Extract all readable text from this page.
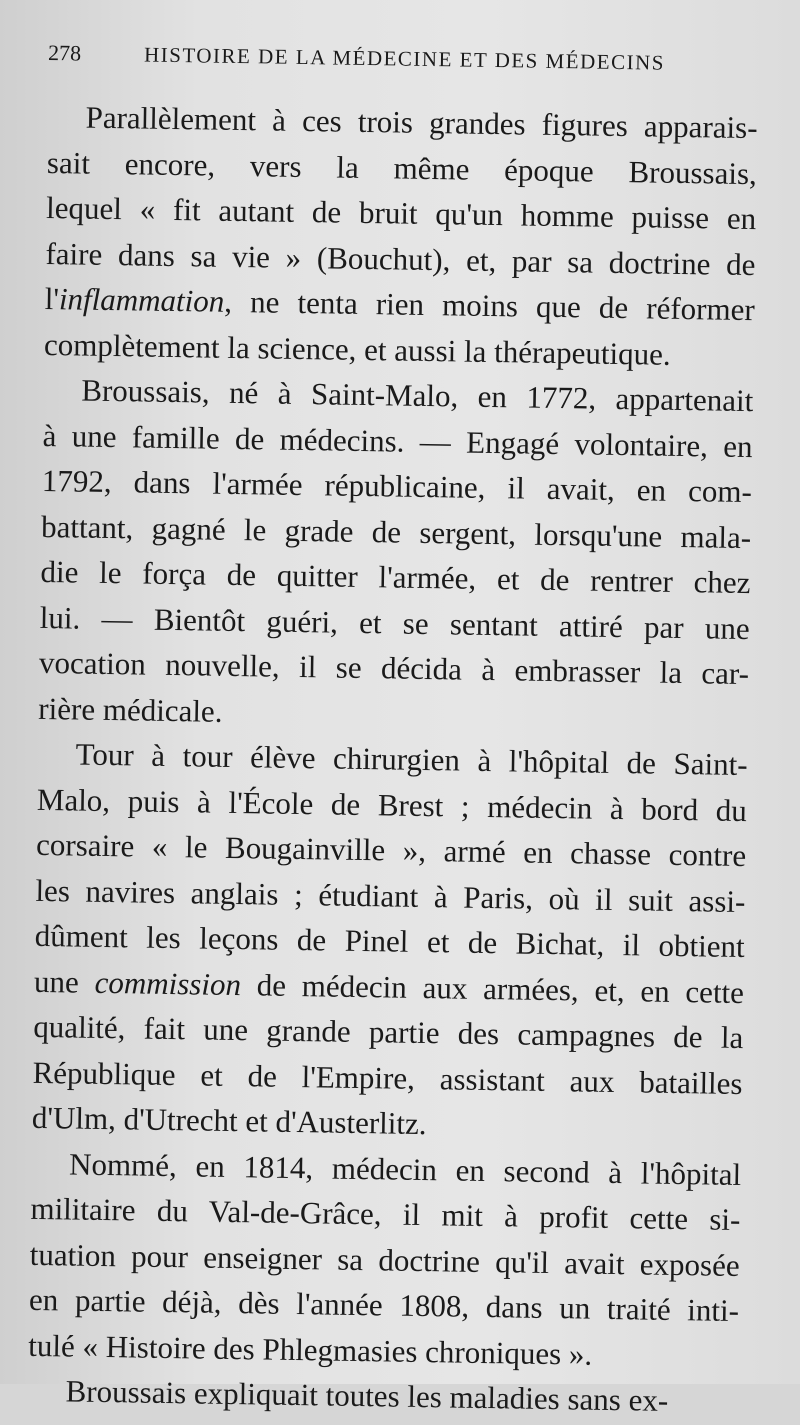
278	HISTOIRE DE LA MÉDECINE ET DES MÉDECINS

Parallèlement à ces trois grandes figures apparais-
sait encore, vers la même époque Broussais,
lequel « fit autant de bruit qu'un homme puisse en
faire dans sa vie » (Bouchut), et, par sa doctrine de
l'inflammation, ne tenta rien moins que de réformer
complètement la science, et aussi la thérapeutique.

Broussais, né à Saint-Malo, en 1772, appartenait
à une famille de médecins. — Engagé volontaire, en
1792, dans l'armée républicaine, il avait, en com-
battant, gagné le grade de sergent, lorsqu'une mala-
die le força de quitter l'armée, et de rentrer chez
lui. — Bientôt guéri, et se sentant attiré par une
vocation nouvelle, il se décida à embrasser la car-
rière médicale.

Tour à tour élève chirurgien à l'hôpital de Saint-
Malo, puis à l'École de Brest ; médecin à bord du
corsaire « le Bougainville », armé en chasse contre
les navires anglais ; étudiant à Paris, où il suit assi-
dûment les leçons de Pinel et de Bichat, il obtient
une commission de médecin aux armées, et, en cette
qualité, fait une grande partie des campagnes de la
République et de l'Empire, assistant aux batailles
d'Ulm, d'Utrecht et d'Austerlitz.

Nommé, en 1814, médecin en second à l'hôpital
militaire du Val-de-Grâce, il mit à profit cette si-
tuation pour enseigner sa doctrine qu'il avait exposée
en partie déjà, dès l'année 1808, dans un traité inti-
tulé « Histoire des Phlegmasies chroniques ».

Broussais expliquait toutes les maladies sans ex-
